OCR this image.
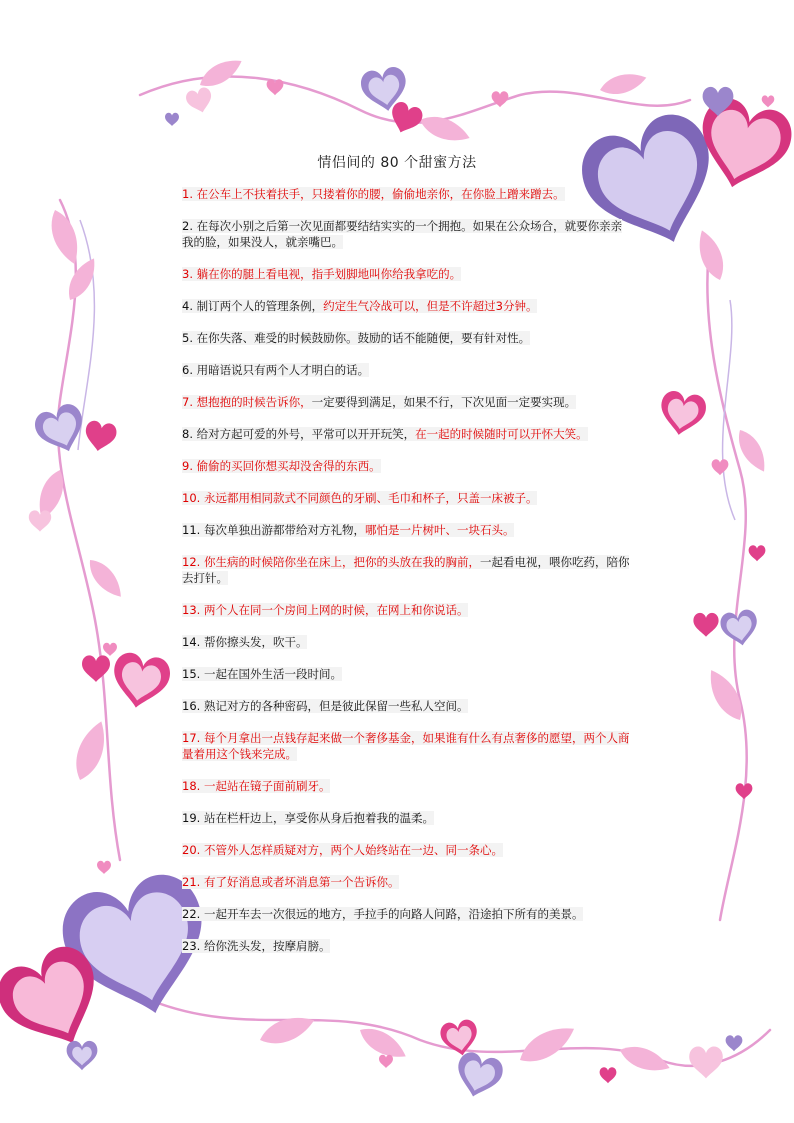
情侣间的 80 个甜蜜方法
1. 在公车上不扶着扶手，只搂着你的腰，偷偷地亲你，在你脸上蹭来蹭去。
2. 在每次小别之后第一次见面都要结结实实的一个拥抱。如果在公众场合，就要你亲亲我的脸，如果没人，就亲嘴巴。
3. 躺在你的腿上看电视，指手划脚地叫你给我拿吃的。
4. 制订两个人的管理条例，约定生气冷战可以，但是不许超过3分钟。
5. 在你失落、难受的时候鼓励你。鼓励的话不能随便，要有针对性。
6. 用暗语说只有两个人才明白的话。
7. 想抱抱的时候告诉你，一定要得到满足，如果不行，下次见面一定要实现。
8. 给对方起可爱的外号，平常可以开开玩笑，在一起的时候随时可以开怀大笑。
9. 偷偷的买回你想买却没舍得的东西。
10. 永远都用相同款式不同颜色的牙刷、毛巾和杯子，只盖一床被子。
11. 每次单独出游都带给对方礼物，哪怕是一片树叶、一块石头。
12. 你生病的时候陪你坐在床上，把你的头放在我的胸前，一起看电视，喂你吃药，陪你去打针。
13. 两个人在同一个房间上网的时候，在网上和你说话。
14. 帮你擦头发，吹干。
15. 一起在国外生活一段时间。
16. 熟记对方的各种密码，但是彼此保留一些私人空间。
17. 每个月拿出一点钱存起来做一个奢侈基金，如果谁有什么有点奢侈的愿望，两个人商量着用这个钱来完成。
18. 一起站在镜子面前刷牙。
19. 站在栏杆边上，享受你从身后抱着我的温柔。
20. 不管外人怎样质疑对方，两个人始终站在一边、同一条心。
21. 有了好消息或者坏消息第一个告诉你。
22. 一起开车去一次很远的地方，手拉手的向路人问路，沿途拍下所有的美景。
23. 给你洗头发，按摩肩膀。
